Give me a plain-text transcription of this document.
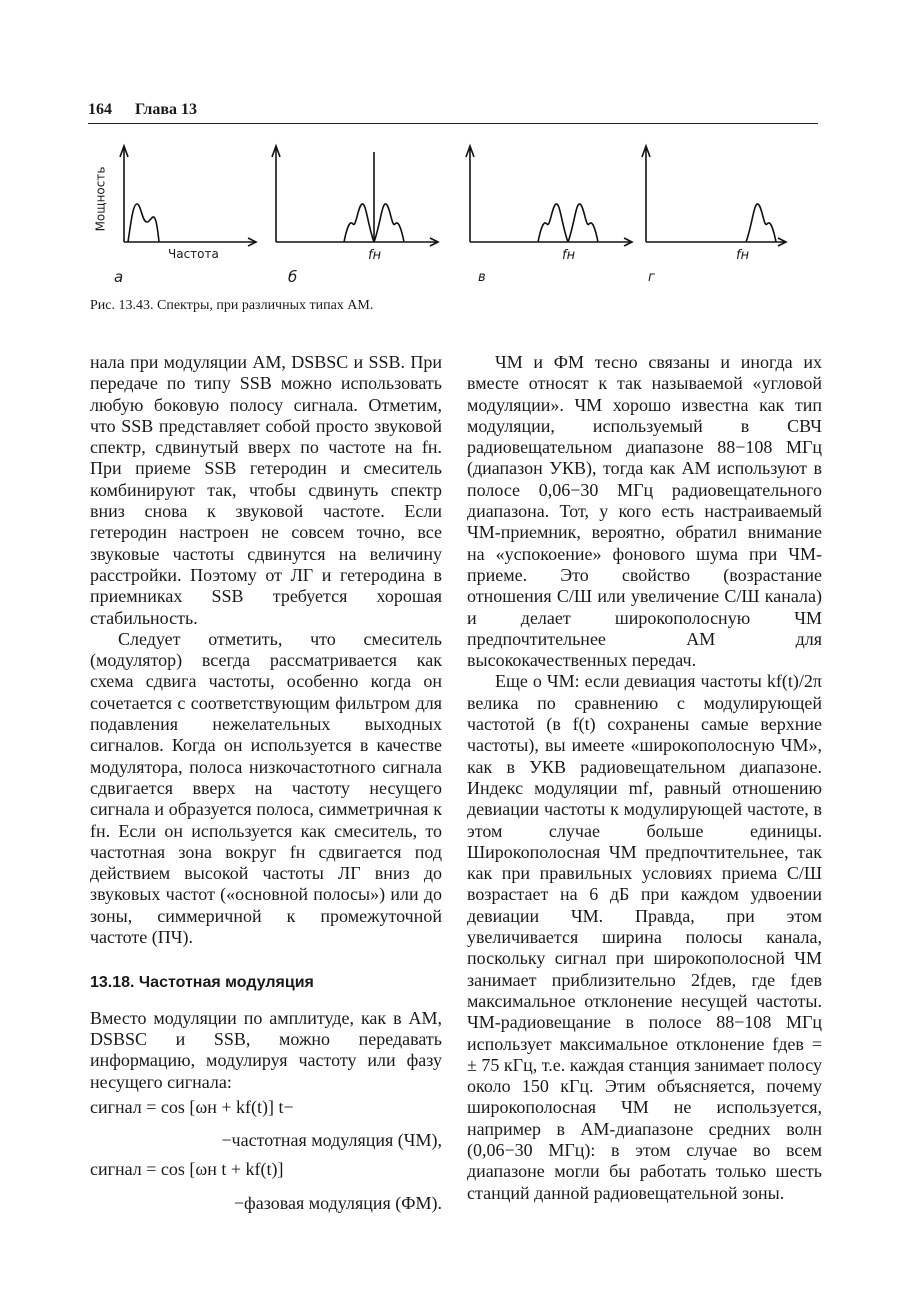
164 Глава 13
Мощность
Частота
a	б	в	г
fн	fн	fн
Рис. 13.43. Спектры, при различных типах АМ.

нала при модуляции АМ, DSBSC и SSB. При передаче по типу SSB можно использовать любую боковую полосу сигнала. Отметим, что SSB представляет собой просто звуковой спектр, сдвинутый вверх по частоте на fн. При приеме SSB гетеродин и смеситель комбинируют так, чтобы сдвинуть спектр вниз снова к звуковой частоте. Если гетеродин настроен не совсем точно, все звуковые частоты сдвинутся на величину расстройки. Поэтому от ЛГ и гетеродина в приемниках SSB требуется хорошая стабильность.

Следует отметить, что смеситель (модулятор) всегда рассматривается как схема сдвига частоты, особенно когда он сочетается с соответствующим фильтром для подавления нежелательных выходных сигналов. Когда он используется в качестве модулятора, полоса низкочастотного сигнала сдвигается вверх на частоту несущего сигнала и образуется полоса, симметричная к fн. Если он используется как смеситель, то частотная зона вокруг fн сдвигается под действием высокой частоты ЛГ вниз до звуковых частот («основной полосы») или до зоны, симмеричной к промежуточной частоте (ПЧ).

13.18. Частотная модуляция

Вместо модуляции по амплитуде, как в АМ, DSBSC и SSB, можно передавать информацию, модулируя частоту или фазу несущего сигнала:

сигнал = cos [ωн + kf(t)] t−

−частотная модуляция (ЧМ),

сигнал = cos [ωн t + kf(t)]

−фазовая модуляция (ФМ).

ЧМ и ФМ тесно связаны и иногда их вместе относят к так называемой «угловой модуляции». ЧМ хорошо известна как тип модуляции, используемый в СВЧ радиовещательном диапазоне 88−108 МГц (диапазон УКВ), тогда как АМ используют в полосе 0,06−30 МГц радиовещательного диапазона. Тот, у кого есть настраиваемый ЧМ-приемник, вероятно, обратил внимание на «успокоение» фонового шума при ЧМ-приеме. Это свойство (возрастание отношения С/Ш или увеличение С/Ш канала) и делает широкополосную ЧМ предпочтительнее АМ для высококачественных передач.

Еще о ЧМ: если девиация частоты kf(t)/2π велика по сравнению с модулирующей частотой (в f(t) сохранены самые верхние частоты), вы имеете «широкополосную ЧМ», как в УКВ радиовещательном диапазоне. Индекс модуляции mf, равный отношению девиации частоты к модулирующей частоте, в этом случае больше единицы. Широкополосная ЧМ предпочтительнее, так как при правильных условиях приема С/Ш возрастает на 6 дБ при каждом удвоении девиации ЧМ. Правда, при этом увеличивается ширина полосы канала, поскольку сигнал при широкополосной ЧМ занимает приблизительно 2fдев, где fдев максимальное отклонение несущей частоты. ЧМ-радиовещание в полосе 88−108 МГц использует максимальное отклонение fдев = ± 75 кГц, т.е. каждая станция занимает полосу около 150 кГц. Этим объясняется, почему широкополосная ЧМ не используется, например в АМ-диапазоне средних волн (0,06−30 МГц): в этом случае во всем диапазоне могли бы работать только шесть станций данной радиовещательной зоны.
